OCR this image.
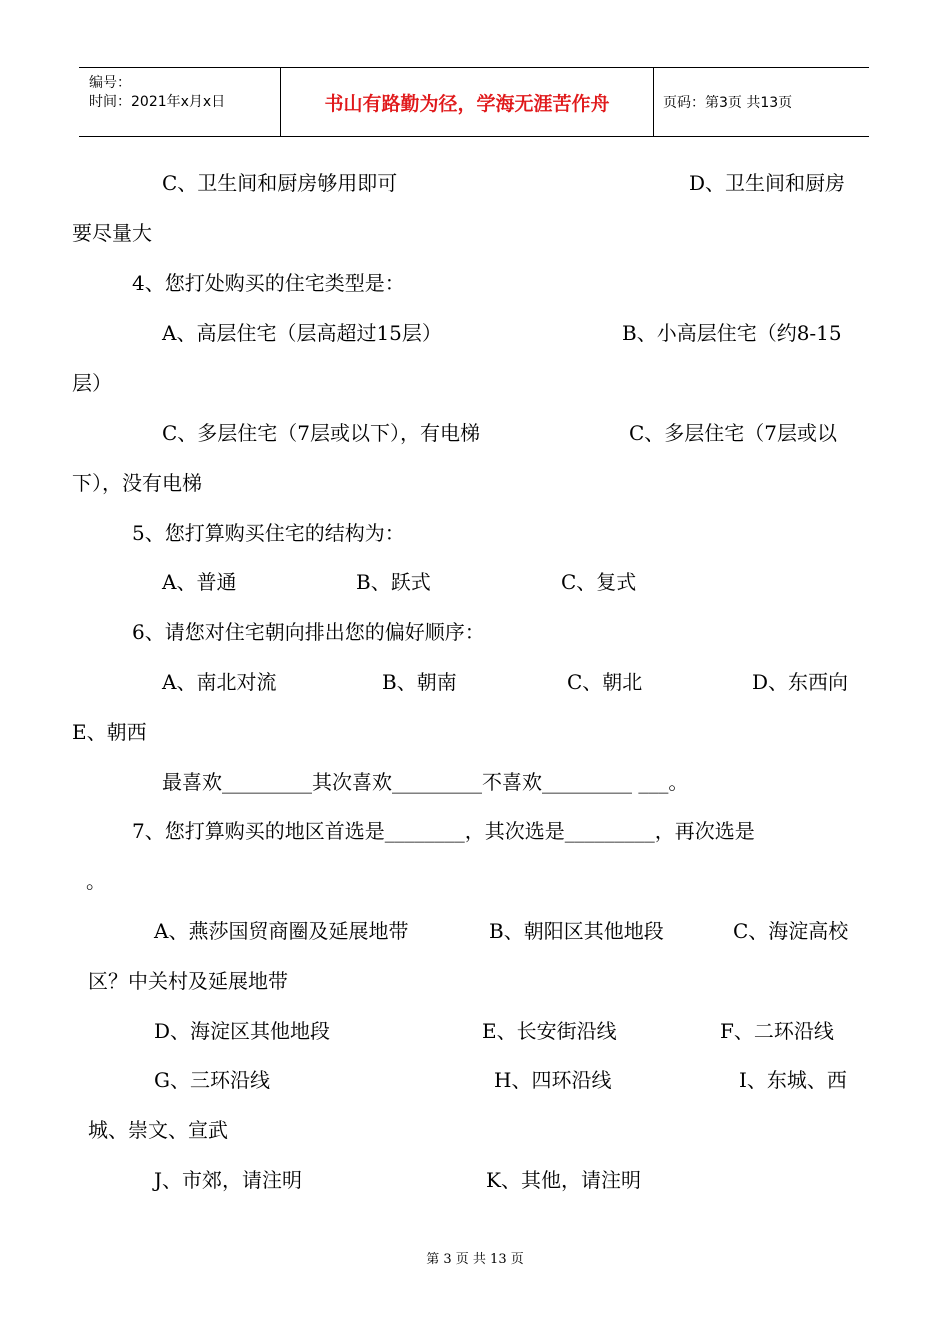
编号：
时间：2021年x月x日	书山有路勤为径，学海无涯苦作舟	页码：第3页 共13页
C、卫生间和厨房够用即可	D、卫生间和厨房
要尽量大
4、您打处购买的住宅类型是：
A、高层住宅（层高超过15层）	B、小高层住宅（约8-15
层）
C、多层住宅（7层或以下），有电梯	C、多层住宅（7层或以
下），没有电梯
5、您打算购买住宅的结构为：
A、普通	B、跃式	C、复式
6、请您对住宅朝向排出您的偏好顺序：
A、南北对流	B、朝南	C、朝北	D、东西向
E、朝西
最喜欢_________其次喜欢_________不喜欢_________ ___。
7、您打算购买的地区首选是________，其次选是_________，再次选是
。
A、燕莎国贸商圈及延展地带	B、朝阳区其他地段	C、海淀高校
区？中关村及延展地带
D、海淀区其他地段	E、长安街沿线	F、二环沿线
G、三环沿线	H、四环沿线	I、东城、西
城、崇文、宣武
J、市郊，请注明	K、其他，请注明
第 3 页 共 13 页
